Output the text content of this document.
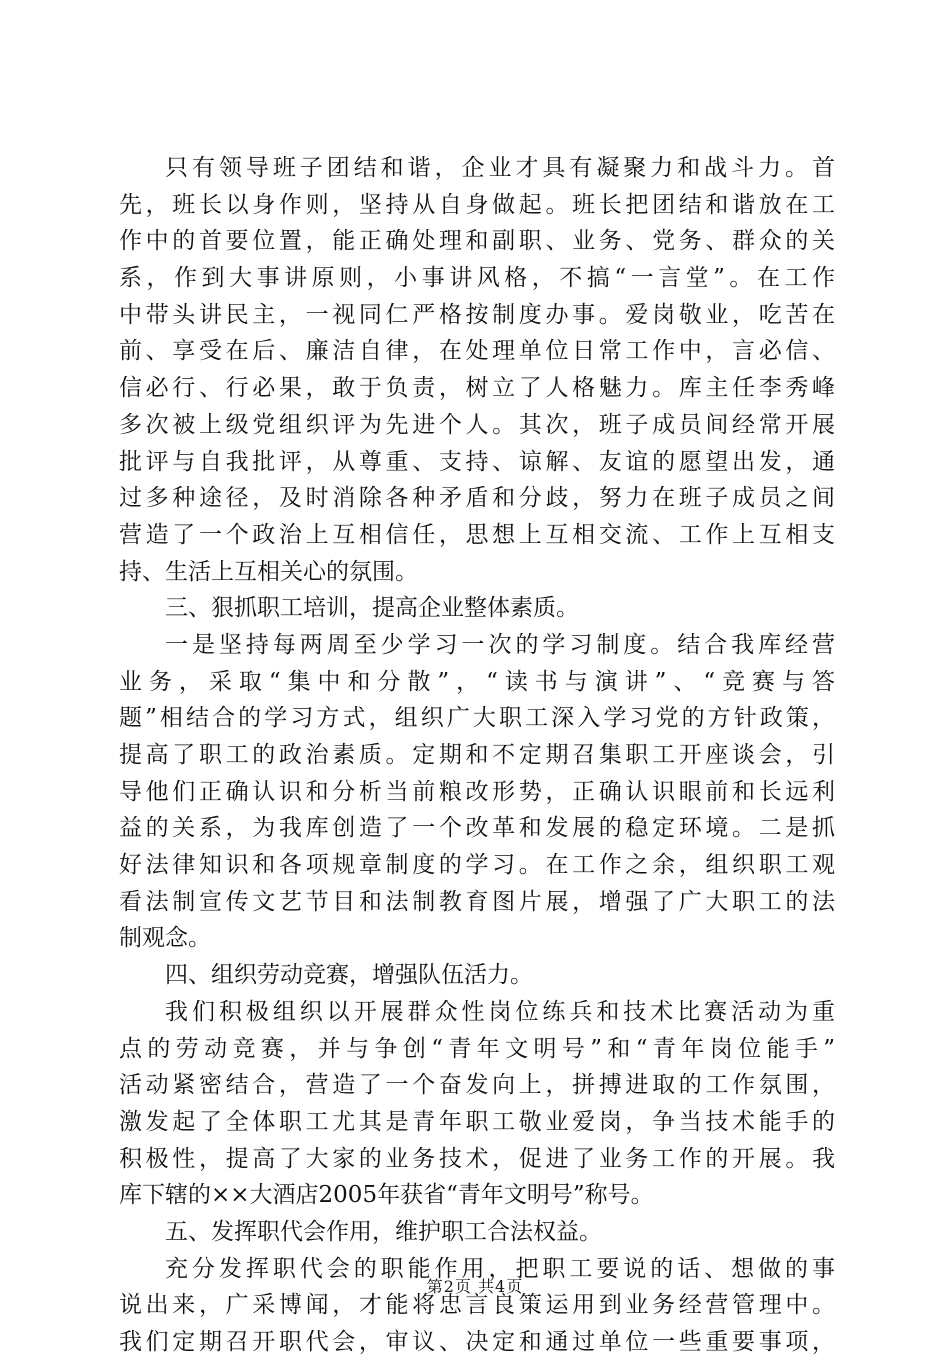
只有领导班子团结和谐，企业才具有凝聚力和战斗力。首
先，班长以身作则，坚持从自身做起。班长把团结和谐放在工
作中的首要位置，能正确处理和副职、业务、党务、群众的关
系，作到大事讲原则，小事讲风格，不搞“一言堂”。在工作
中带头讲民主，一视同仁严格按制度办事。爱岗敬业，吃苦在
前、享受在后、廉洁自律，在处理单位日常工作中，言必信、
信必行、行必果，敢于负责，树立了人格魅力。库主任李秀峰
多次被上级党组织评为先进个人。其次，班子成员间经常开展
批评与自我批评，从尊重、支持、谅解、友谊的愿望出发，通
过多种途径，及时消除各种矛盾和分歧，努力在班子成员之间
营造了一个政治上互相信任，思想上互相交流、工作上互相支
持、生活上互相关心的氛围。
三、狠抓职工培训，提高企业整体素质。
一是坚持每两周至少学习一次的学习制度。结合我库经营
业务，采取“集中和分散”，“读书与演讲”、“竞赛与答
题”相结合的学习方式，组织广大职工深入学习党的方针政策，
提高了职工的政治素质。定期和不定期召集职工开座谈会，引
导他们正确认识和分析当前粮改形势，正确认识眼前和长远利
益的关系，为我库创造了一个改革和发展的稳定环境。二是抓
好法律知识和各项规章制度的学习。在工作之余，组织职工观
看法制宣传文艺节目和法制教育图片展，增强了广大职工的法
制观念。
四、组织劳动竞赛，增强队伍活力。
我们积极组织以开展群众性岗位练兵和技术比赛活动为重
点的劳动竞赛，并与争创“青年文明号”和“青年岗位能手”
活动紧密结合，营造了一个奋发向上，拼搏进取的工作氛围，
激发起了全体职工尤其是青年职工敬业爱岗，争当技术能手的
积极性，提高了大家的业务技术，促进了业务工作的开展。我
库下辖的××大酒店2005年获省“青年文明号”称号。
五、发挥职代会作用，维护职工合法权益。
充分发挥职代会的职能作用，把职工要说的话、想做的事
说出来，广采博闻，才能将忠言良策运用到业务经营管理中。
我们定期召开职代会，审议、决定和通过单位一些重要事项，
第2页 共4页
